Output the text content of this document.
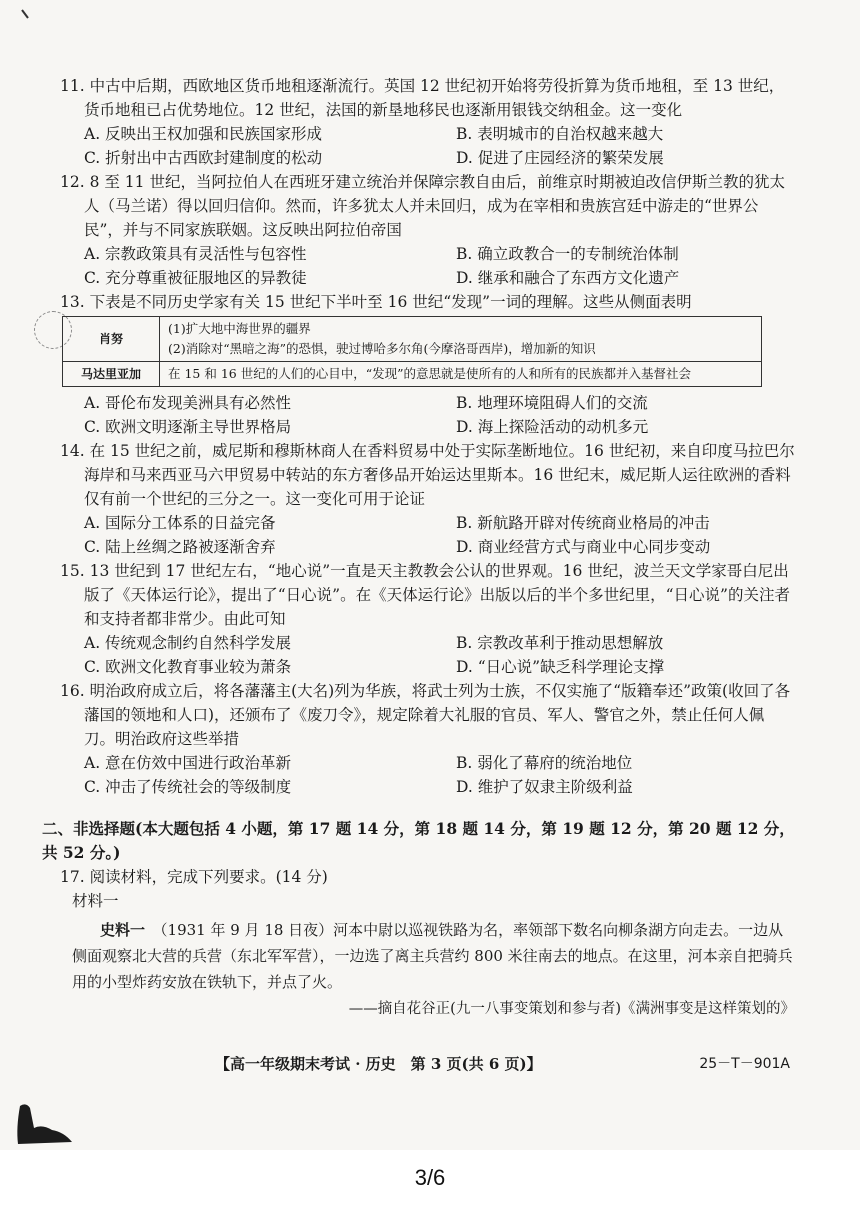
11. 中古中后期，西欧地区货币地租逐渐流行。英国 12 世纪初开始将劳役折算为货币地租，至 13 世纪，货币地租已占优势地位。12 世纪，法国的新垦地移民也逐渐用银钱交纳租金。这一变化

A. 反映出王权加强和民族国家形成	B. 表明城市的自治权越来越大
C. 折射出中古西欧封建制度的松动	D. 促进了庄园经济的繁荣发展

12. 8 至 11 世纪，当阿拉伯人在西班牙建立统治并保障宗教自由后，前维京时期被迫改信伊斯兰教的犹太人（马兰诺）得以回归信仰。然而，许多犹太人并未回归，成为在宰相和贵族宫廷中游走的“世界公民”，并与不同家族联姻。这反映出阿拉伯帝国

A. 宗教政策具有灵活性与包容性	B. 确立政教合一的专制统治体制
C. 充分尊重被征服地区的异教徒	D. 继承和融合了东西方文化遗产

13. 下表是不同历史学家有关 15 世纪下半叶至 16 世纪“发现”一词的理解。这些从侧面表明

肖努	(1)扩大地中海世界的疆界
(2)消除对“黑暗之海”的恐惧，驶过博哈多尔角(今摩洛哥西岸)，增加新的知识

马达里亚加	在 15 和 16 世纪的人们的心目中，“发现”的意思就是使所有的人和所有的民族都并入基督社会
A. 哥伦布发现美洲具有必然性	B. 地理环境阻碍人们的交流
C. 欧洲文明逐渐主导世界格局	D. 海上探险活动的动机多元

14. 在 15 世纪之前，威尼斯和穆斯林商人在香料贸易中处于实际垄断地位。16 世纪初，来自印度马拉巴尔海岸和马来西亚马六甲贸易中转站的东方奢侈品开始运达里斯本。16 世纪末，威尼斯人运往欧洲的香料仅有前一个世纪的三分之一。这一变化可用于论证

A. 国际分工体系的日益完备	B. 新航路开辟对传统商业格局的冲击
C. 陆上丝绸之路被逐渐舍弃	D. 商业经营方式与商业中心同步变动

15. 13 世纪到 17 世纪左右，“地心说”一直是天主教教会公认的世界观。16 世纪，波兰天文学家哥白尼出版了《天体运行论》，提出了“日心说”。在《天体运行论》出版以后的半个多世纪里，“日心说”的关注者和支持者都非常少。由此可知

A. 传统观念制约自然科学发展	B. 宗教改革利于推动思想解放
C. 欧洲文化教育事业较为萧条	D. “日心说”缺乏科学理论支撑

16. 明治政府成立后，将各藩藩主(大名)列为华族，将武士列为士族，不仅实施了“版籍奉还”政策(收回了各藩国的领地和人口)，还颁布了《废刀令》，规定除着大礼服的官员、军人、警官之外，禁止任何人佩刀。明治政府这些举措

A. 意在仿效中国进行政治革新	B. 弱化了幕府的统治地位
C. 冲击了传统社会的等级制度	D. 维护了奴隶主阶级利益

二、非选择题(本大题包括 4 小题，第 17 题 14 分，第 18 题 14 分，第 19 题 12 分，第 20 题 12 分，共 52 分。)

17. 阅读材料，完成下列要求。(14 分)

材料一

史料一　 （1931 年 9 月 18 日夜）河本中尉以巡视铁路为名，率领部下数名向柳条湖方向走去。一边从侧面观察北大营的兵营（东北军军营），一边选了离主兵营约 800 米往南去的地点。在这里，河本亲自把骑兵用的小型炸药安放在铁轨下，并点了火。

——摘自花谷正(九一八事变策划和参与者)《满洲事变是这样策划的》
【高一年级期末考试 · 历史　第 3 页(共 6 页)】	25－T－901A
3/6
